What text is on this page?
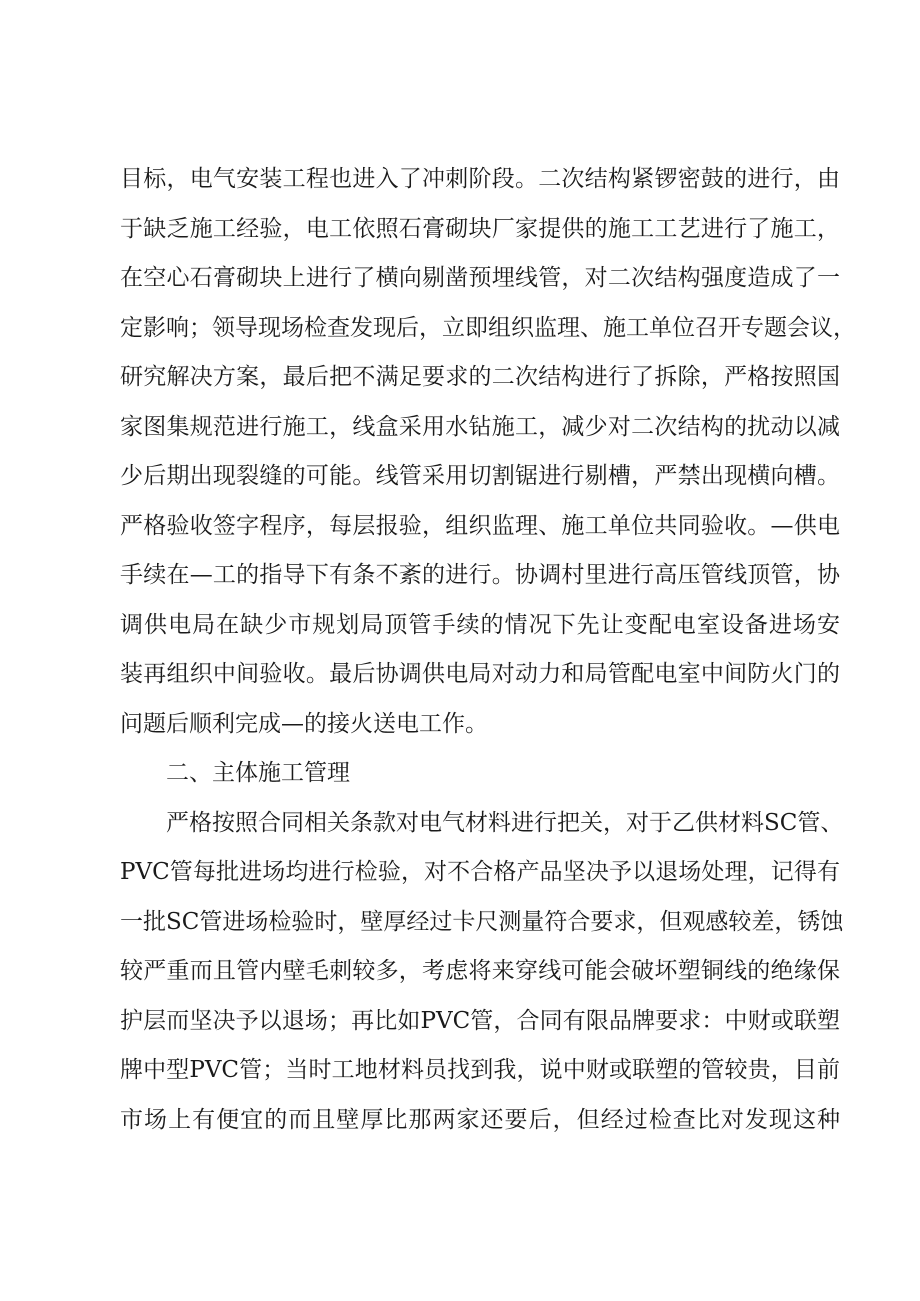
目标，电气安装工程也进入了冲刺阶段。二次结构紧锣密鼓的进行，由
于缺乏施工经验，电工依照石膏砌块厂家提供的施工工艺进行了施工，
在空心石膏砌块上进行了横向剔凿预埋线管，对二次结构强度造成了一
定影响；领导现场检查发现后，立即组织监理、施工单位召开专题会议，
研究解决方案，最后把不满足要求的二次结构进行了拆除，严格按照国
家图集规范进行施工，线盒采用水钻施工，减少对二次结构的扰动以减
少后期出现裂缝的可能。线管采用切割锯进行剔槽，严禁出现横向槽。
严格验收签字程序，每层报验，组织监理、施工单位共同验收。—供电
手续在—工的指导下有条不紊的进行。协调村里进行高压管线顶管，协
调供电局在缺少市规划局顶管手续的情况下先让变配电室设备进场安
装再组织中间验收。最后协调供电局对动力和局管配电室中间防火门的
问题后顺利完成—的接火送电工作。
二、主体施工管理
严格按照合同相关条款对电气材料进行把关，对于乙供材料SC管、
PVC管每批进场均进行检验，对不合格产品坚决予以退场处理，记得有
一批SC管进场检验时，壁厚经过卡尺测量符合要求，但观感较差，锈蚀
较严重而且管内壁毛刺较多，考虑将来穿线可能会破坏塑铜线的绝缘保
护层而坚决予以退场；再比如PVC管，合同有限品牌要求：中财或联塑
牌中型PVC管；当时工地材料员找到我，说中财或联塑的管较贵，目前
市场上有便宜的而且壁厚比那两家还要后，但经过检查比对发现这种
